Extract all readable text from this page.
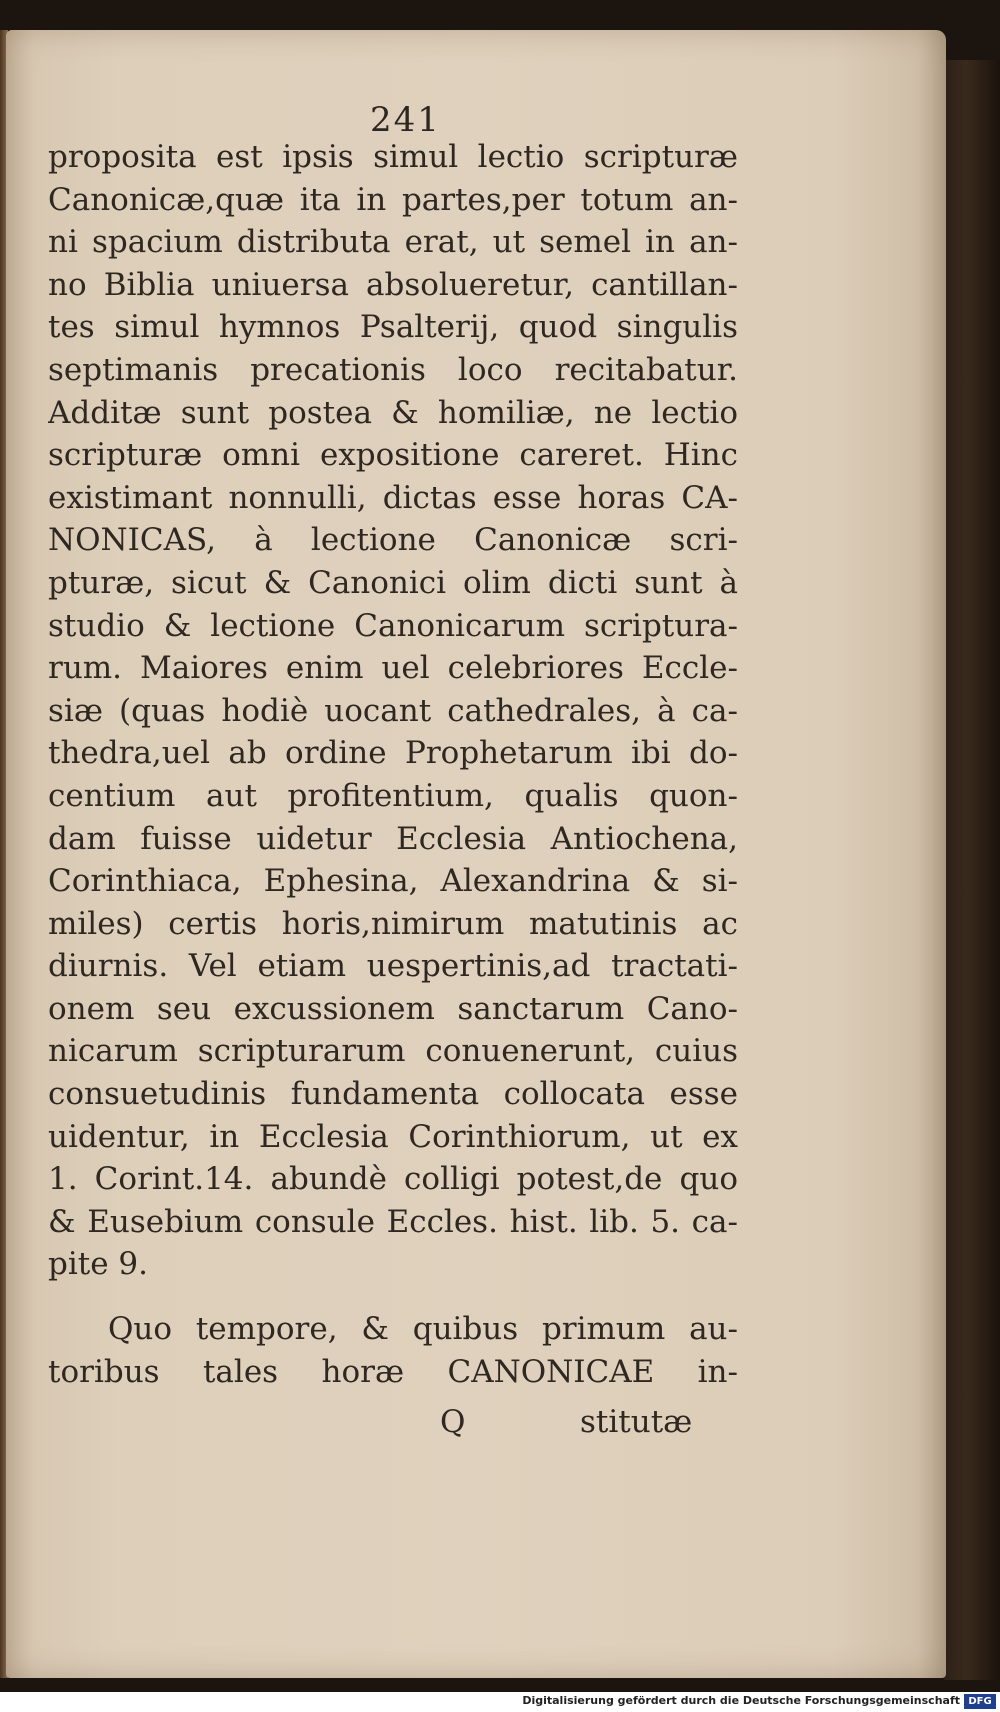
241
proposita est ipsis simul lectio scripturæ
Canonicæ,quæ ita in partes,per totum an-
ni spacium distributa erat, ut semel in an-
no Biblia uniuersa absolueretur, cantillan-
tes simul hymnos Psalterij, quod singulis
septimanis precationis loco recitabatur.
Additæ sunt postea & homiliæ, ne lectio
scripturæ omni expositione careret. Hinc
existimant nonnulli, dictas esse horas CA-
NONICAS, à lectione Canonicæ scri-
pturæ, sicut & Canonici olim dicti sunt à
studio & lectione Canonicarum scriptura-
rum. Maiores enim uel celebriores Eccle-
siæ (quas hodiè uocant cathedrales, à ca-
thedra,uel ab ordine Prophetarum ibi do-
centium aut profitentium, qualis quon-
dam fuisse uidetur Ecclesia Antiochena,
Corinthiaca, Ephesina, Alexandrina & si-
miles) certis horis,nimirum matutinis ac
diurnis. Vel etiam uespertinis,ad tractati-
onem seu excussionem sanctarum Cano-
nicarum scripturarum conuenerunt, cuius
consuetudinis fundamenta collocata esse
uidentur, in Ecclesia Corinthiorum, ut ex
1. Corint.14. abundè colligi potest,de quo
& Eusebium consule Eccles. hist. lib. 5. ca-
pite 9.
Quo tempore, & quibus primum au-
toribus tales horæ CANONICAE in-
Q	stitutæ
Digitalisierung gefördert durch die Deutsche Forschungsgemeinschaft DFG
